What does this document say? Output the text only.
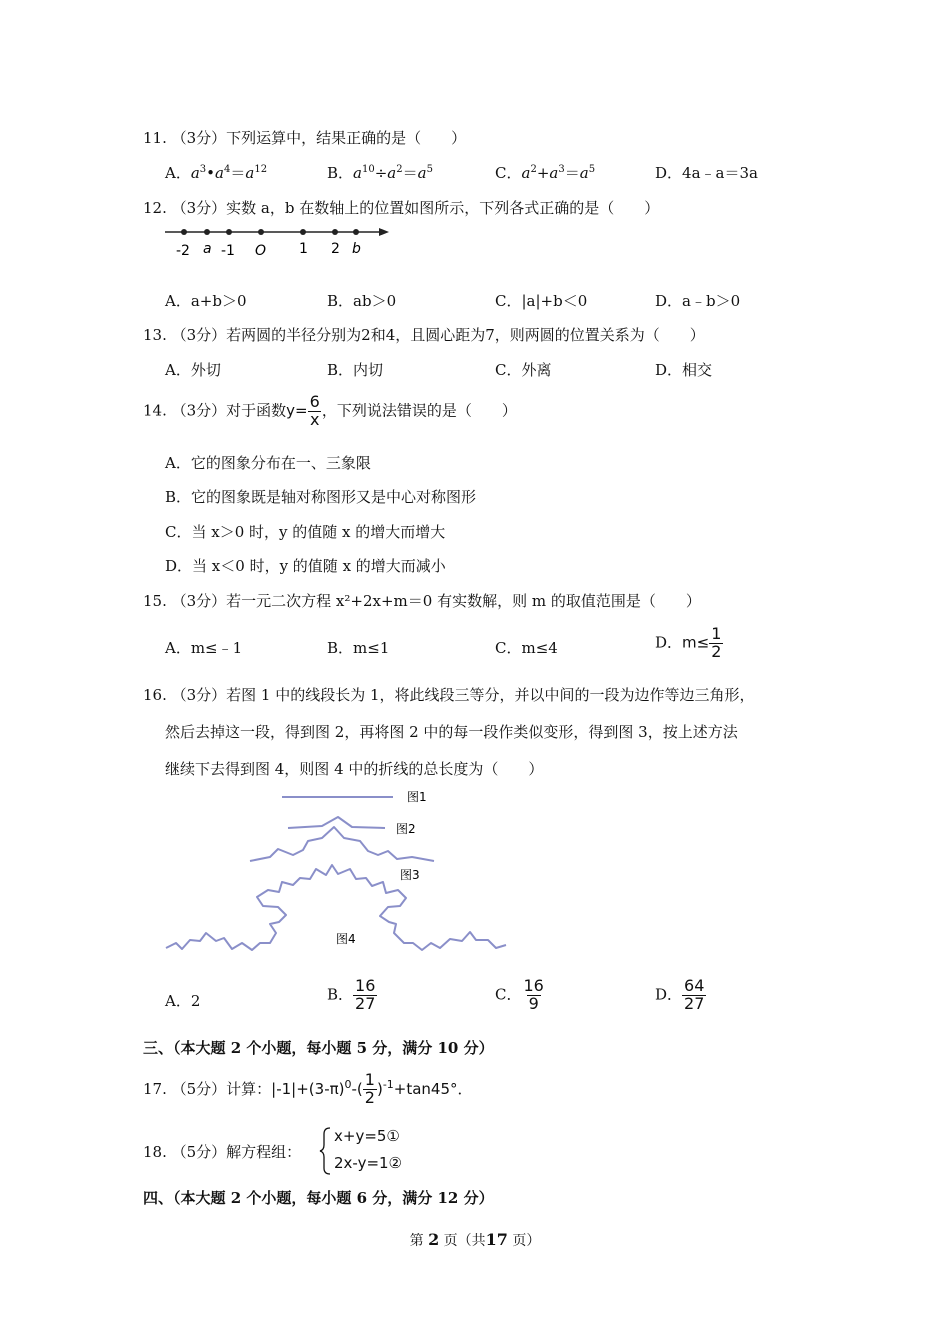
11. （3分）下列运算中，结果正确的是（　　）
A．$a^3•a^4=a^{12}$	B．$a^{10}\div a^2=a^5$	C．$a^2+a^3=a^5$	D．4a﹣a＝3a
12. （3分）实数 a，b 在数轴上的位置如图所示，下列各式正确的是（　　）
-2 a -1 O 1 2 b
A．a+b＞0	B．ab＞0	C．|a|+b＜0	D．a﹣b＞0
13. （3分）若两圆的半径分别为2和4，且圆心距为7，则两圆的位置关系为（　　）
A．外切	B．内切	C．外离	D．相交
14. （3分）对于函数$y= \frac{6}{x}$ ，下列说法错误的是（　　）
A．它的图象分布在一、三象限
B．它的图象既是轴对称图形又是中心对称图形
C．当 x＞0 时，y 的值随 x 的增大而增大
D．当 x＜0 时，y 的值随 x 的增大而减小
15. （3分）若一元二次方程 x²+2x+m＝0 有实数解，则 m 的取值范围是（　　）
A．m≤﹣1	B．m≤1	C．m≤4	D．$m\le \frac{1}{2}$
16. （3分）若图 1 中的线段长为 1，将此线段三等分，并以中间的一段为边作等边三角形，
然后去掉这一段，得到图 2，再将图 2 中的每一段作类似变形，得到图 3，按上述方法
继续下去得到图 4，则图 4 中的折线的总长度为（　　）
图1
图2
图3
图4
A．2	B． $\frac{16}{27}$	C． $\frac{16}{9}$	D． $\frac{64}{27}$
三、（本大题 2 个小题，每小题 5 分，满分 10 分）
17. （5分）计算：$|-1|+(3-\pi)^0-( \frac{1}{2} )^{-1}+\tan 45^\circ$．
18. （5分）解方程组：
x+y=5①
2x-y=1②
四、（本大题 2 个小题，每小题 6 分，满分 12 分）
第 2 页（共17 页）
